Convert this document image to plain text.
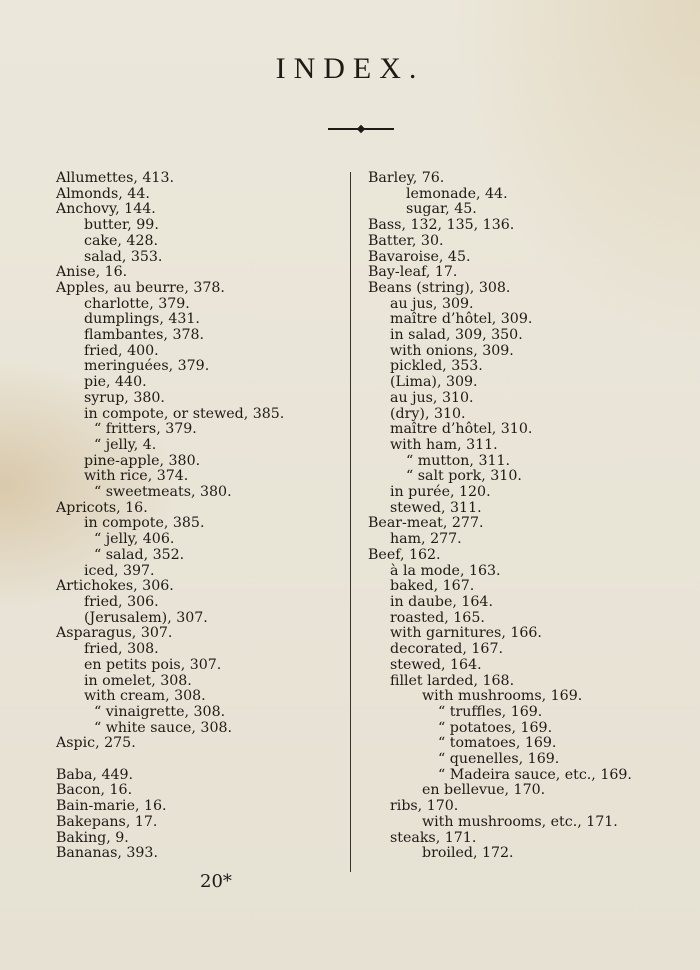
INDEX.
Allumettes, 413.
Almonds, 44.
Anchovy, 144.
butter, 99.
cake, 428.
salad, 353.
Anise, 16.
Apples, au beurre, 378.
charlotte, 379.
dumplings, 431.
flambantes, 378.
fried, 400.
meringuées, 379.
pie, 440.
syrup, 380.
in compote, or stewed, 385.
“ fritters, 379.
“ jelly, 4.
pine-apple, 380.
with rice, 374.
“ sweetmeats, 380.
Apricots, 16.
in compote, 385.
“ jelly, 406.
“ salad, 352.
iced, 397.
Artichokes, 306.
fried, 306.
(Jerusalem), 307.
Asparagus, 307.
fried, 308.
en petits pois, 307.
in omelet, 308.
with cream, 308.
“ vinaigrette, 308.
“ white sauce, 308.
Aspic, 275.
Baba, 449.
Bacon, 16.
Bain-marie, 16.
Bakepans, 17.
Baking, 9.
Bananas, 393.
Barley, 76.
lemonade, 44.
sugar, 45.
Bass, 132, 135, 136.
Batter, 30.
Bavaroise, 45.
Bay-leaf, 17.
Beans (string), 308.
au jus, 309.
maître d’hôtel, 309.
in salad, 309, 350.
with onions, 309.
pickled, 353.
(Lima), 309.
au jus, 310.
(dry), 310.
maître d’hôtel, 310.
with ham, 311.
“ mutton, 311.
“ salt pork, 310.
in purée, 120.
stewed, 311.
Bear-meat, 277.
ham, 277.
Beef, 162.
à la mode, 163.
baked, 167.
in daube, 164.
roasted, 165.
with garnitures, 166.
decorated, 167.
stewed, 164.
fillet larded, 168.
with mushrooms, 169.
“ truffles, 169.
“ potatoes, 169.
“ tomatoes, 169.
“ quenelles, 169.
“ Madeira sauce, etc., 169.
en bellevue, 170.
ribs, 170.
with mushrooms, etc., 171.
steaks, 171.
broiled, 172.
20*
